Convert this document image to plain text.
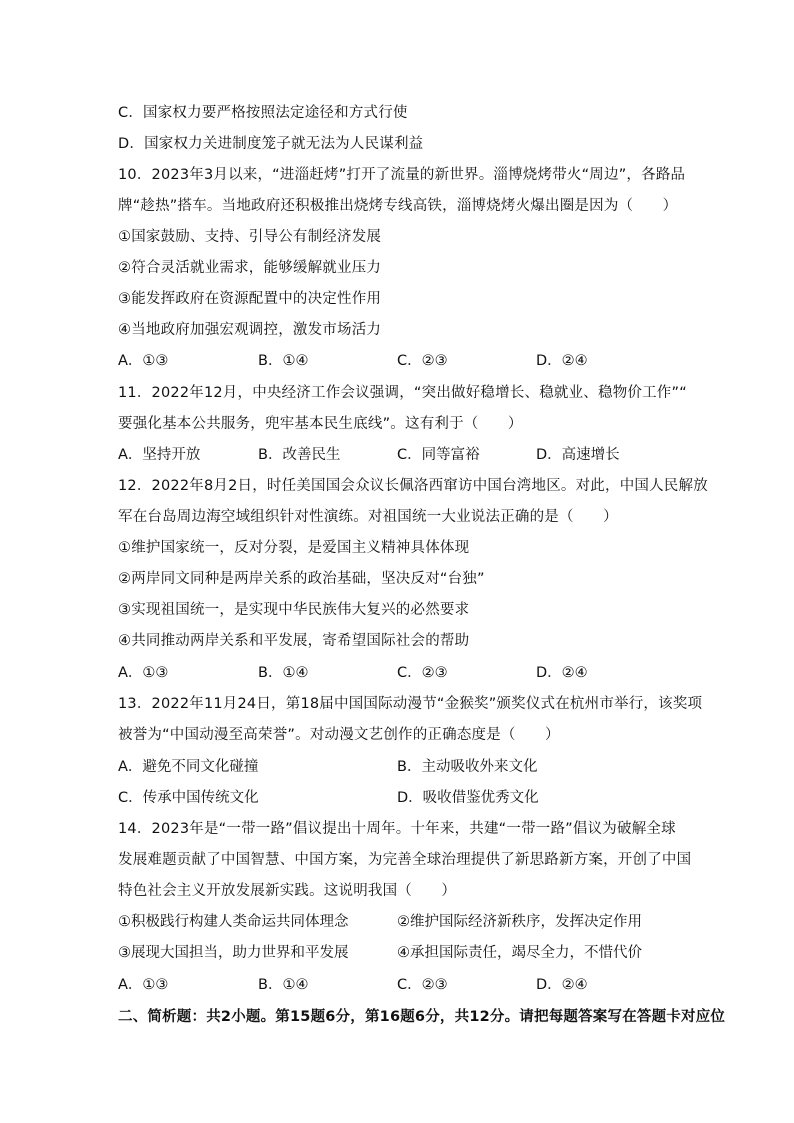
C．国家权力要严格按照法定途径和方式行使
D．国家权力关进制度笼子就无法为人民谋利益
10．2023年3月以来，“进淄赶烤”打开了流量的新世界。淄博烧烤带火“周边”，各路品
牌“趁热”搭车。当地政府还积极推出烧烤专线高铁，淄博烧烤火爆出圈是因为（　　）
①国家鼓励、支持、引导公有制经济发展
②符合灵活就业需求，能够缓解就业压力
③能发挥政府在资源配置中的决定性作用
④当地政府加强宏观调控，激发市场活力
A．①③	B．①④	C．②③	D．②④
11．2022年12月，中央经济工作会议强调，“突出做好稳增长、稳就业、稳物价工作”“
要强化基本公共服务，兜牢基本民生底线”。这有利于（　　）
A．坚持开放	B．改善民生	C．同等富裕	D．高速增长
12．2022年8月2日，时任美国国会众议长佩洛西窜访中国台湾地区。对此，中国人民解放
军在台岛周边海空域组织针对性演练。对祖国统一大业说法正确的是（　　）
①维护国家统一，反对分裂，是爱国主义精神具体体现
②两岸同文同种是两岸关系的政治基础，坚决反对“台独”
③实现祖国统一，是实现中华民族伟大复兴的必然要求
④共同推动两岸关系和平发展，寄希望国际社会的帮助
A．①③	B．①④	C．②③	D．②④
13．2022年11月24日，第18届中国国际动漫节“金猴奖”颁奖仪式在杭州市举行，该奖项
被誉为“中国动漫至高荣誉”。对动漫文艺创作的正确态度是（　　）
A．避免不同文化碰撞	B．主动吸收外来文化
C．传承中国传统文化	D．吸收借鉴优秀文化
14．2023年是“一带一路”倡议提出十周年。十年来，共建“一带一路”倡议为破解全球
发展难题贡献了中国智慧、中国方案，为完善全球治理提供了新思路新方案，开创了中国
特色社会主义开放发展新实践。这说明我国（　　）
①积极践行构建人类命运共同体理念	②维护国际经济新秩序，发挥决定作用
③展现大国担当，助力世界和平发展	④承担国际责任，竭尽全力，不惜代价
A．①③	B．①④	C．②③	D．②④
二、简析题：共2小题。第15题6分，第16题6分，共12分。请把每题答案写在答题卡对应位
